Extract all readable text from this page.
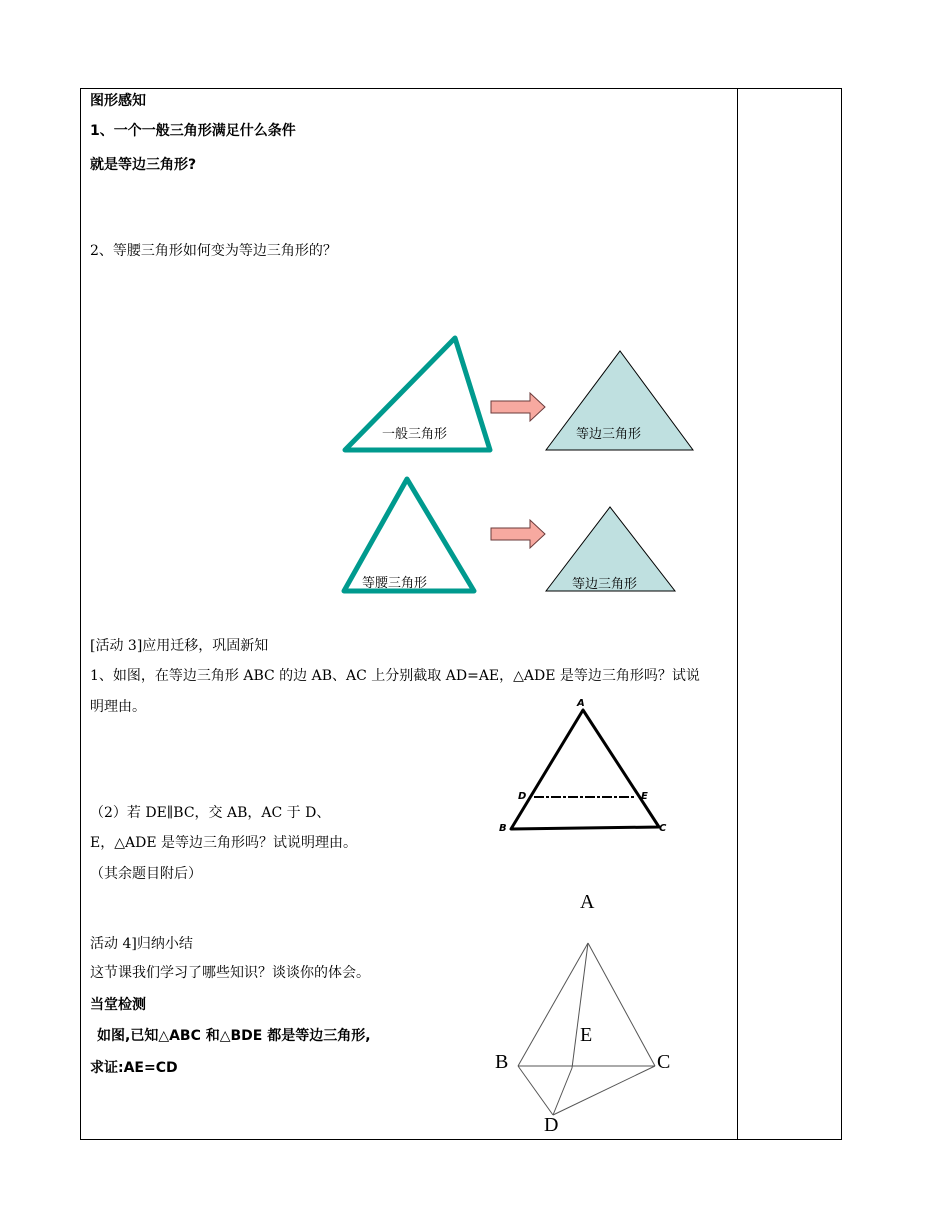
图形感知
1、一个一般三角形满足什么条件
就是等边三角形?
2、等腰三角形如何变为等边三角形的？
一般三角形	等边三角形
等腰三角形	等边三角形
[活动 3]应用迁移，巩固新知
1、如图，在等边三角形 ABC 的边 AB、AC 上分别截取 AD=AE，△ADE 是等边三角形吗？试说
明理由。
（2）若 DE∥BC，交 AB，AC 于 D、
E，△ADE 是等边三角形吗？试说明理由。
（其余题目附后）
A
D	E
B	C
活动 4]归纳小结
这节课我们学习了哪些知识？谈谈你的体会。
当堂检测
如图,已知△ABC 和△BDE 都是等边三角形,
求证:AE=CD
A
E
B	C
D
